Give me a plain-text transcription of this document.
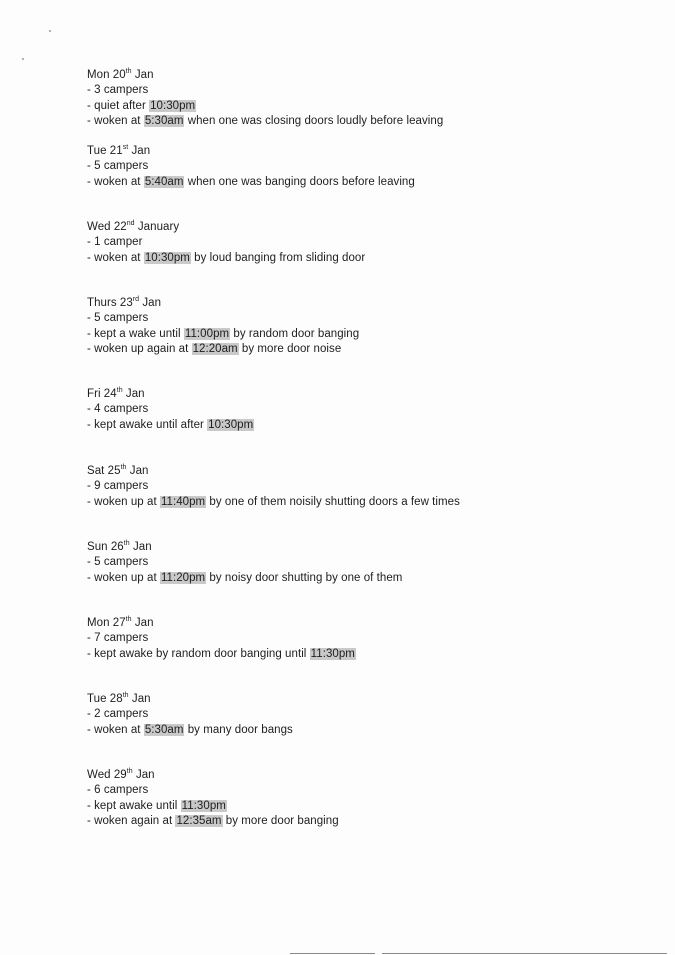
Mon 20th Jan
- 3 campers
- quiet after 10:30pm
- woken at 5:30am when one was closing doors loudly before leaving
Tue 21st Jan
- 5 campers
- woken at 5:40am when one was banging doors before leaving
Wed 22nd January
- 1 camper
- woken at 10:30pm by loud banging from sliding door
Thurs 23rd Jan
- 5 campers
- kept a wake until 11:00pm by random door banging
- woken up again at 12:20am by more door noise
Fri 24th Jan
- 4 campers
- kept awake until after 10:30pm
Sat 25th Jan
- 9 campers
- woken up at 11:40pm by one of them noisily shutting doors a few times
Sun 26th Jan
- 5 campers
- woken up at 11:20pm by noisy door shutting by one of them
Mon 27th Jan
- 7 campers
- kept awake by random door banging until 11:30pm
Tue 28th Jan
- 2 campers
- woken at 5:30am by many door bangs
Wed 29th Jan
- 6 campers
- kept awake until 11:30pm
- woken again at 12:35am by more door banging
